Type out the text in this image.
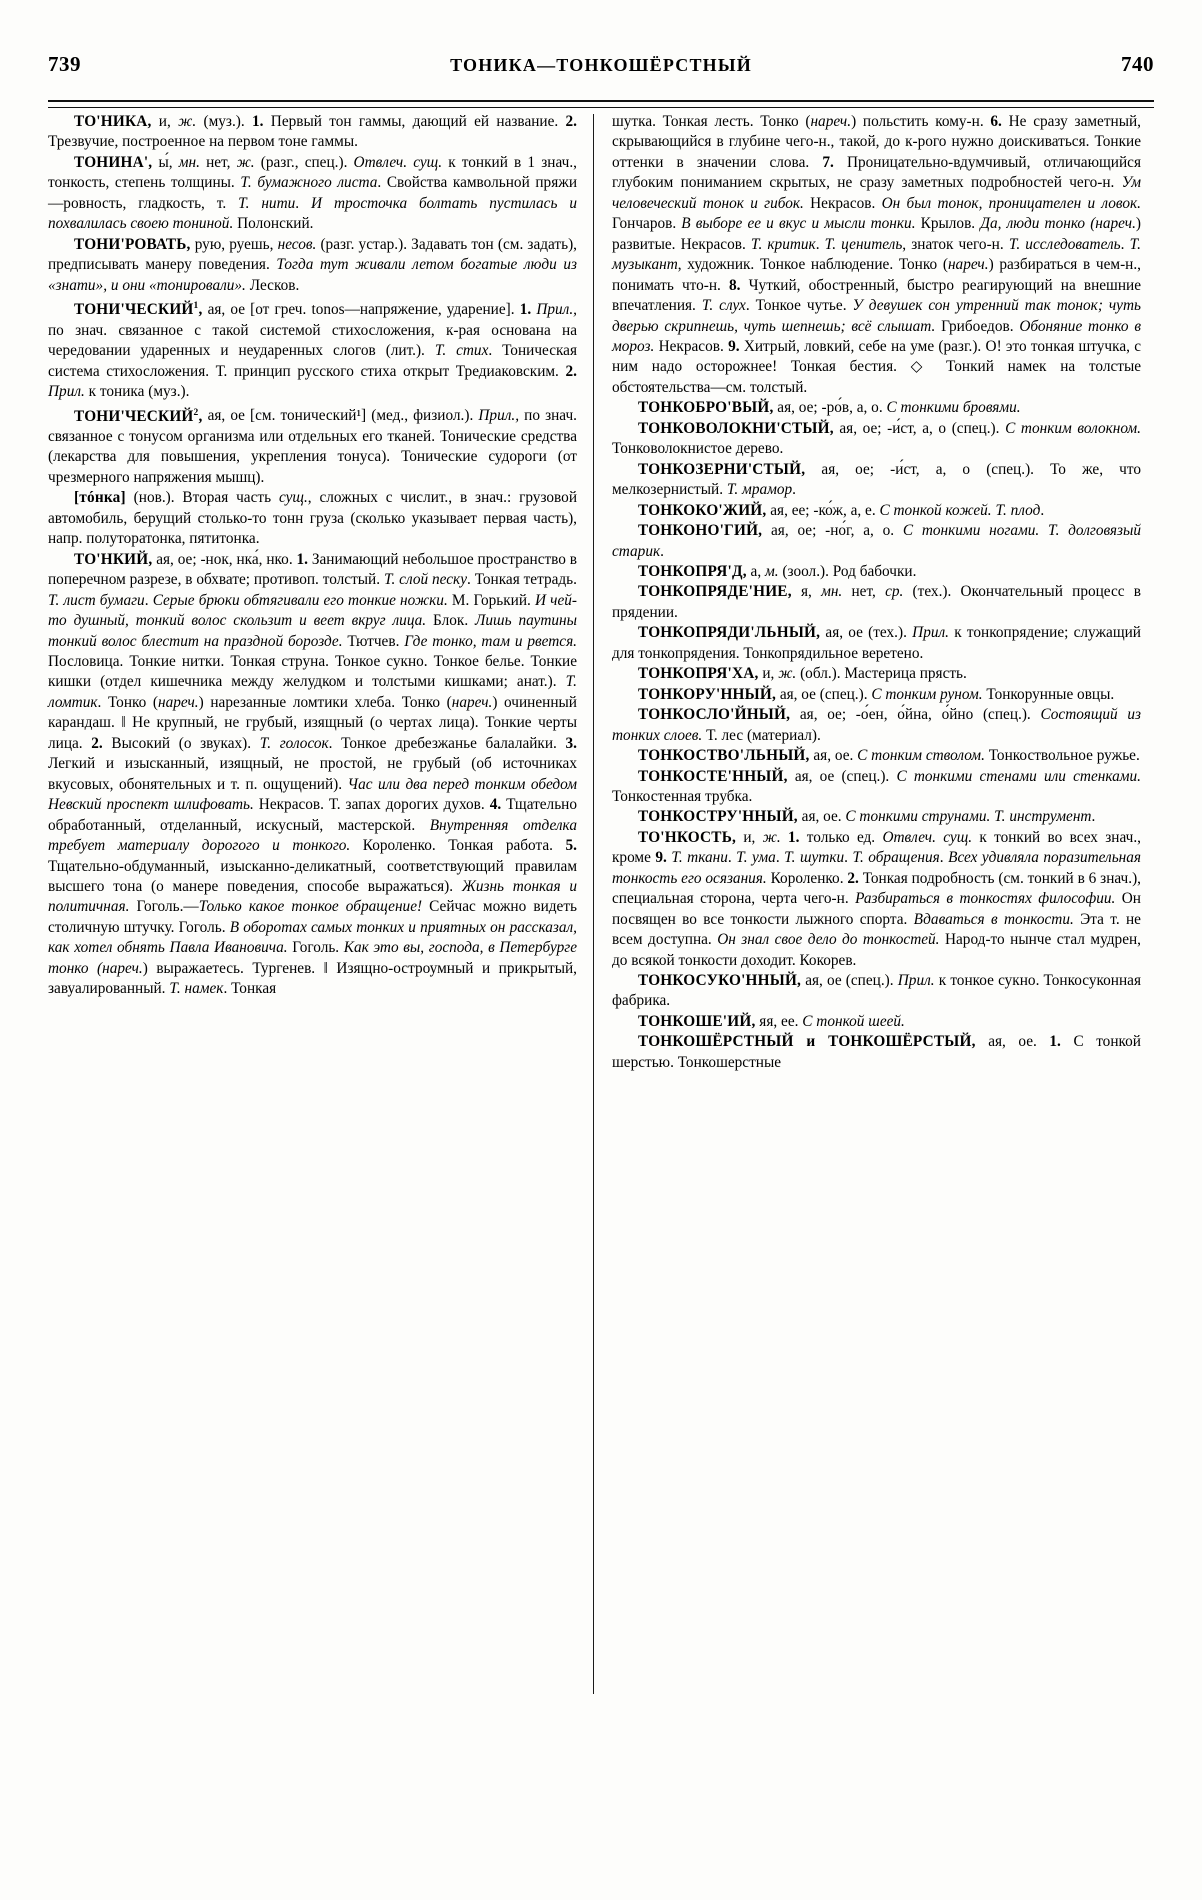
739	ТОНИКА—ТОНКОШЁРСТНЫЙ	740

ТО'НИКА, и, ж. (муз.). 1. Первый тон гаммы, дающий ей название. 2. Трезвучие, построенное на первом тоне гаммы.

ТОНИНА', ы́, мн. нет, ж. (разг., спец.). Отвлеч. сущ. к тонкий в 1 знач., тонкость, степень толщины. Т. бумажного листа. Свойства камвольной пряжи—ровность, гладкость, т. Т. нити. И тросточка болтать пустилась и похвалилась своею тониной. Полонский.

ТОНИ'РОВАТЬ, рую, руешь, несов. (разг. устар.). Задавать тон (см. задать), предписывать манеру поведения. Тогда тут живали летом богатые люди из «знати», и они «тонировали». Лесков.

ТОНИ'ЧЕСКИЙ$^1$, ая, ое [от греч. tonos—напряжение, ударение]. 1. Прил., по знач. связанное с такой системой стихосложения, к-рая основана на чередовании ударенных и неударенных слогов (лит.). Т. стих. Тоническая система стихосложения. Т. принцип русского стиха открыт Тредиаковским. 2. Прил. к тоника (муз.).

ТОНИ'ЧЕСКИЙ$^2$, ая, ое [см. тонический¹] (мед., физиол.). Прил., по знач. связанное с тонусом организма или отдельных его тканей. Тонические средства (лекарства для повышения, укрепления тонуса). Тонические судороги (от чрезмерного напряжения мышц).

[тóнка] (нов.). Вторая часть сущ., сложных с числит., в знач.: грузовой автомобиль, берущий столько-то тонн груза (сколько указывает первая часть), напр. полуторатонка, пятитонка.

ТО'НКИЙ, ая, ое; -нок, нка́, нко. 1. Занимающий небольшое пространство в поперечном разрезе, в обхвате; противоп. толстый. Т. слой песку. Тонкая тетрадь. Т. лист бумаги. Серые брюки обтягивали его тонкие ножки. М. Горький. И чей-то душный, тонкий волос скользит и веет вкруг лица. Блок. Лишь паутины тонкий волос блестит на праздной борозде. Тютчев. Где тонко, там и рвется. Пословица. Тонкие нитки. Тонкая струна. Тонкое сукно. Тонкое белье. Тонкие кишки (отдел кишечника между желудком и толстыми кишками; анат.). Т. ломтик. Тонко (нареч.) нарезанные ломтики хлеба. Тонко (нареч.) очиненный карандаш. ‖ Не крупный, не грубый, изящный (о чертах лица). Тонкие черты лица. 2. Высокий (о звуках). Т. голосок. Тонкое дребезжанье балалайки. 3. Легкий и изысканный, изящный, не простой, не грубый (об источниках вкусовых, обонятельных и т. п. ощущений). Час или два перед тонким обедом Невский проспект шлифовать. Некрасов. Т. запах дорогих духов. 4. Тщательно обработанный, отделанный, искусный, мастерской. Внутренняя отделка требует материалу дорогого и тонкого. Короленко. Тонкая работа. 5. Тщательно-обдуманный, изысканно-деликатный, соответствующий правилам высшего тона (о манере поведения, способе выражаться). Жизнь тонкая и политичная. Гоголь.—Только какое тонкое обращение! Сейчас можно видеть столичную штучку. Гоголь. В оборотах самых тонких и приятных он рассказал, как хотел обнять Павла Ивановича. Гоголь. Как это вы, господа, в Петербурге тонко (нареч.) выражаетесь. Тургенев. ‖ Изящно-остроумный и прикрытый, завуалированный. Т. намек. Тонкая

шутка. Тонкая лесть. Тонко (нареч.) польстить кому-н. 6. Не сразу заметный, скрывающийся в глубине чего-н., такой, до к-рого нужно доискиваться. Тонкие оттенки в значении слова. 7. Проницательно-вдумчивый, отличающийся глубоким пониманием скрытых, не сразу заметных подробностей чего-н. Ум человеческий тонок и гибок. Некрасов. Он был тонок, проницателен и ловок. Гончаров. В выборе ее и вкус и мысли тонки. Крылов. Да, люди тонко (нареч.) развитые. Некрасов. Т. критик. Т. ценитель, знаток чего-н. Т. исследователь. Т. музыкант, художник. Тонкое наблюдение. Тонко (нареч.) разбираться в чем-н., понимать что-н. 8. Чуткий, обостренный, быстро реагирующий на внешние впечатления. Т. слух. Тонкое чутье. У девушек сон утренний так тонок; чуть дверью скрипнешь, чуть шепнешь; всё слышат. Грибоедов. Обоняние тонко в мороз. Некрасов. 9. Хитрый, ловкий, себе на уме (разг.). О! это тонкая штучка, с ним надо осторожнее! Тонкая бестия. ◇ Тонкий намек на толстые обстоятельства—см. толстый.

ТОНКОБРО'ВЫЙ, ая, ое; -ро́в, а, о. С тонкими бровями.

ТОНКОВОЛОКНИ'СТЫЙ, ая, ое; -и́ст, а, о (спец.). С тонким волокном. Тонковолокнистое дерево.

ТОНКОЗЕРНИ'СТЫЙ, ая, ое; -и́ст, а, о (спец.). То же, что мелкозернистый. Т. мрамор.

ТОНКОКО'ЖИЙ, ая, ее; -ко́ж, а, е. С тонкой кожей. Т. плод.

ТОНКОНО'ГИЙ, ая, ое; -но́г, а, о. С тонкими ногами. Т. долговязый старик.

ТОНКОПРЯ'Д, а, м. (зоол.). Род бабочки.

ТОНКОПРЯДЕ'НИЕ, я, мн. нет, ср. (тех.). Окончательный процесс в прядении.

ТОНКОПРЯДИ'ЛЬНЫЙ, ая, ое (тех.). Прил. к тонкопрядение; служащий для тонкопрядения. Тонкопрядильное веретено.

ТОНКОПРЯ'ХА, и, ж. (обл.). Мастерица прясть.

ТОНКОРУ'ННЫЙ, ая, ое (спец.). С тонким руном. Тонкорунные овцы.

ТОНКОСЛО'ЙНЫЙ, ая, ое; -о́ен, о́йна, о́йно (спец.). Состоящий из тонких слоев. Т. лес (материал).

ТОНКОСТВО'ЛЬНЫЙ, ая, ое. С тонким стволом. Тонкоствольное ружье.

ТОНКОСТЕ'ННЫЙ, ая, ое (спец.). С тонкими стенами или стенками. Тонкостенная трубка.

ТОНКОСТРУ'ННЫЙ, ая, ое. С тонкими струнами. Т. инструмент.

ТО'НКОСТЬ, и, ж. 1. только ед. Отвлеч. сущ. к тонкий во всех знач., кроме 9. Т. ткани. Т. ума. Т. шутки. Т. обращения. Всех удивляла поразительная тонкость его осязания. Короленко. 2. Тонкая подробность (см. тонкий в 6 знач.), специальная сторона, черта чего-н. Разбираться в тонкостях философии. Он посвящен во все тонкости лыжного спорта. Вдаваться в тонкости. Эта т. не всем доступна. Он знал свое дело до тонкостей. Народ-то нынче стал мудрен, до всякой тонкости доходит. Кокорев.

ТОНКОСУКО'ННЫЙ, ая, ое (спец.). Прил. к тонкое сукно. Тонкосуконная фабрика.

ТОНКОШЕ'ИЙ, яя, ее. С тонкой шеей.

ТОНКОШЁРСТНЫЙ и ТОНКОШЁРСТЫЙ, ая, ое. 1. С тонкой шерстью. Тонкошерстные
